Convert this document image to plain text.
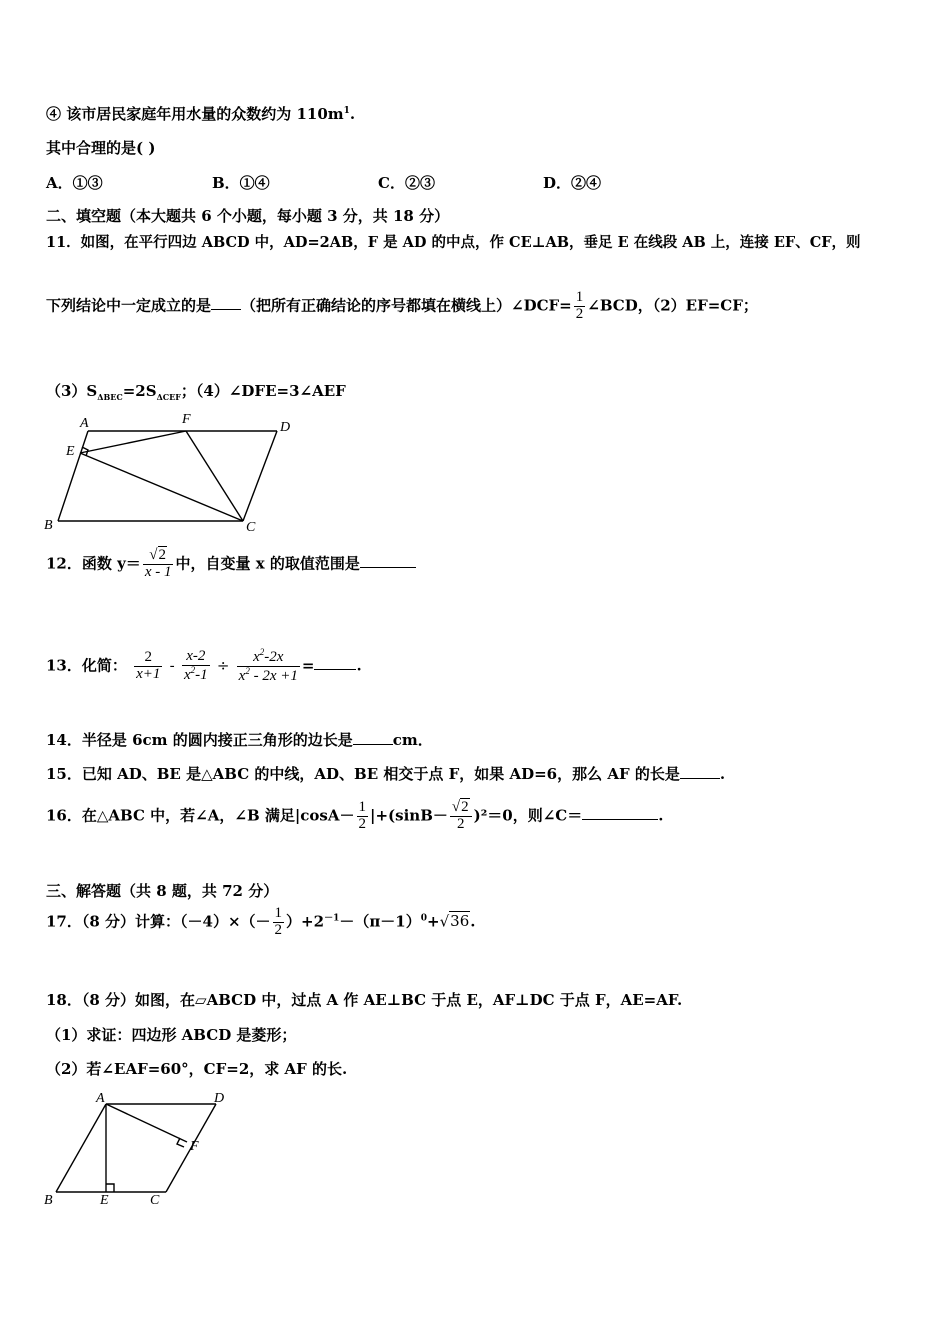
④ 该市居民家庭年用水量的众数约为 $110m^1$.
其中合理的是( )
A．①③	B．①④	C．②③	D．②④
二、填空题（本大题共 6 个小题，每小题 3 分，共 18 分）
11．如图，在平行四边 ABCD 中，AD=2AB，F 是 AD 的中点，作 CE⊥AB，垂足 E 在线段 AB 上，连接 EF、CF，则
下列结论中一定成立的是 （把所有正确结论的序号都填在横线上）∠DCF= $\frac{1}{2}$ ∠BCD，（2）EF=CF；
$(3)S_{\Delta BEC}=2S_{\Delta CEF}$；（4）∠DFE=3∠AEF
A	F
D
E
B	C
12．函数 $y= \frac{√2}{x - 1}$ 中，自变量 x 的取值范围是
13．化简： $\frac{2}{x+1} - \frac{x-2}{x^2-1} \div \frac{x^2-2x}{x^2 - 2x +1}$ =	.
14．半径是 6cm 的圆内接正三角形的边长是	cm．
15．已知 AD、BE 是△ABC 的中线，AD、BE 相交于点 F，如果 AD=6，那么 AF 的长是	.
16．在△ABC 中，若∠A，∠B 满足$|\cos A- \frac{1}{2} |+(\sin B- \frac{√2}{2} )^2=0$，则∠C＝	.
三、解答题（共 8 题，共 72 分）
17．（8 分）计算：$(-4)\times(- \frac{1}{2} )+2^{-1}-(\pi-1)^0+√36$.
18．（8 分）如图，在▱ABCD 中，过点 A 作 AE⊥BC 于点 E，AF⊥DC 于点 F，AE=AF.
（1）求证：四边形 ABCD 是菱形；
（2）若∠EAF=60°，CF=2，求 AF 的长.
A	D
F
B	E	C
